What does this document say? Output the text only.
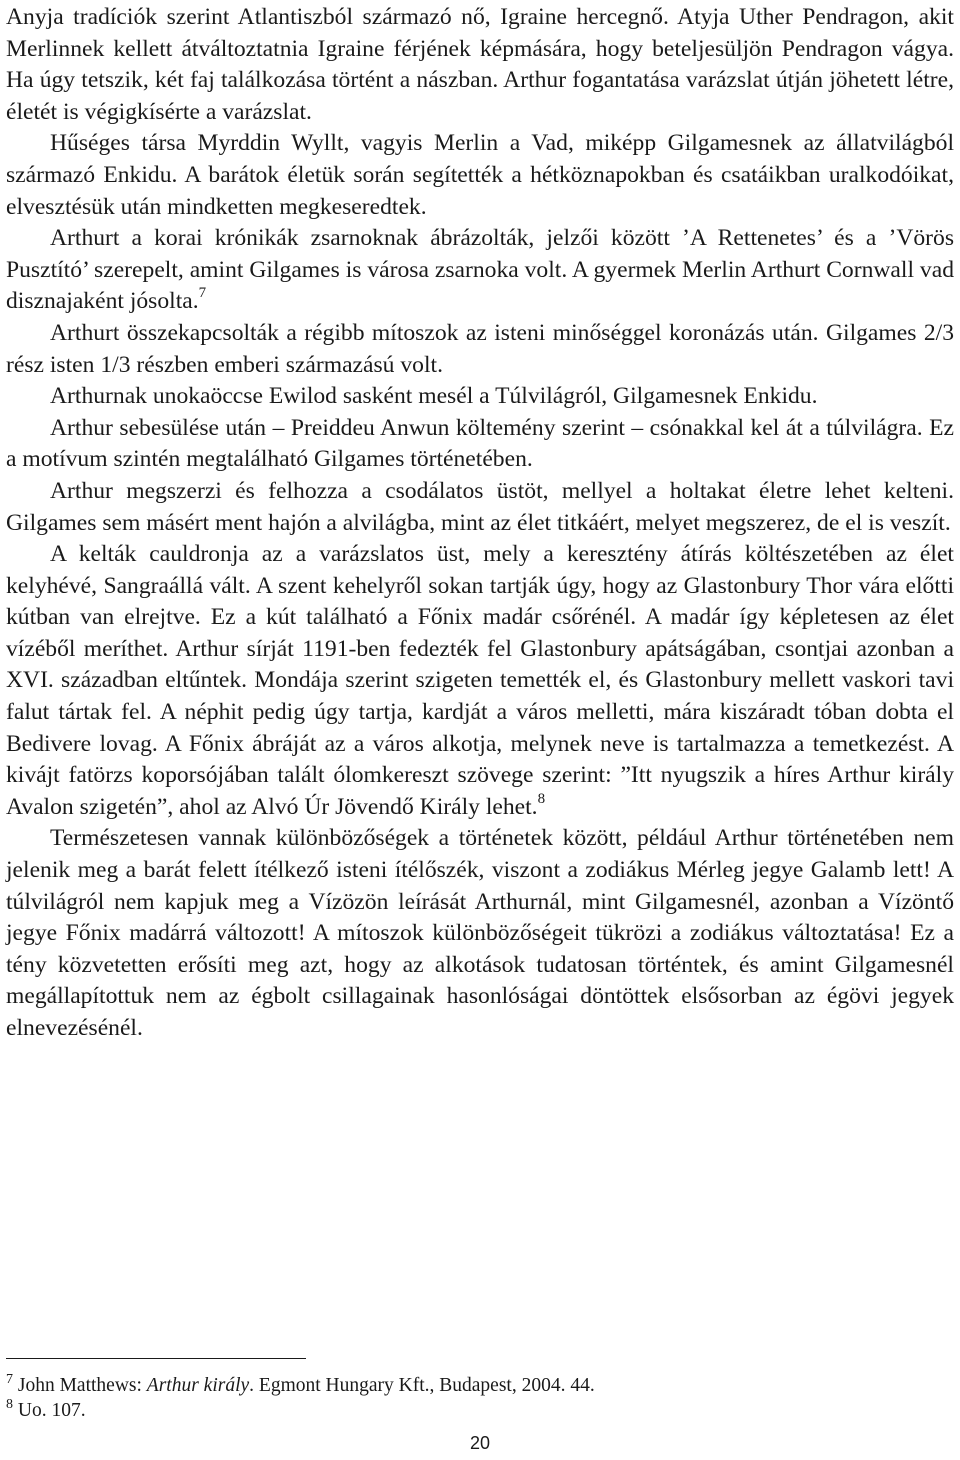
Anyja tradíciók szerint Atlantiszból származó nő, Igraine hercegnő. Atyja Uther Pendragon, akit Merlinnek kellett átváltoztatnia Igraine férjének képmására, hogy beteljesüljön Pendragon vágya. Ha úgy tetszik, két faj találkozása történt a nászban. Arthur fogantatása varázslat útján jöhetett létre, életét is végigkísérte a varázslat.

Hűséges társa Myrddin Wyllt, vagyis Merlin a Vad, miképp Gilgamesnek az állatvilágból származó Enkidu. A barátok életük során segítették a hétköznapokban és csatáikban uralkodóikat, elvesztésük után mindketten megkeseredtek.

Arthurt a korai krónikák zsarnoknak ábrázolták, jelzői között ’A Rettenetes’ és a ’Vörös Pusztító’ szerepelt, amint Gilgames is városa zsarnoka volt. A gyermek Merlin Arthurt Cornwall vad disznajaként jósolta.$^7$

Arthurt összekapcsolták a régibb mítoszok az isteni minőséggel koronázás után. Gilgames 2/3 rész isten 1/3 részben emberi származású volt.

Arthurnak unokaöccse Ewilod sasként mesél a Túlvilágról, Gilgamesnek Enkidu.

Arthur sebesülése után – Preiddeu Anwun költemény szerint – csónakkal kel át a túlvilágra. Ez a motívum szintén megtalálható Gilgames történetében.

Arthur megszerzi és felhozza a csodálatos üstöt, mellyel a holtakat életre lehet kelteni. Gilgames sem másért ment hajón a alvilágba, mint az élet titkáért, melyet megszerez, de el is veszít.

A kelták cauldronja az a varázslatos üst, mely a keresztény átírás költészetében az élet kelyhévé, Sangraállá vált. A szent kehelyről sokan tartják úgy, hogy az Glastonbury Thor vára előtti kútban van elrejtve. Ez a kút található a Főnix madár csőrénél. A madár így képletesen az élet vízéből meríthet. Arthur sírját 1191-ben fedezték fel Glastonbury apátságában, csontjai azonban a XVI. században eltűntek. Mondája szerint szigeten temették el, és Glastonbury mellett vaskori tavi falut tártak fel. A néphit pedig úgy tartja, kardját a város melletti, mára kiszáradt tóban dobta el Bedivere lovag. A Főnix ábráját az a város alkotja, melynek neve is tartalmazza a temetkezést. A kivájt fatörzs koporsójában talált ólomkereszt szövege szerint: ”Itt nyugszik a híres Arthur király Avalon szigetén”, ahol az Alvó Úr Jövendő Király lehet.$^8$

Természetesen vannak különbözőségek a történetek között, például Arthur történetében nem jelenik meg a barát felett ítélkező isteni ítélőszék, viszont a zodiákus Mérleg jegye Galamb lett! A túlvilágról nem kapjuk meg a Vízözön leírását Arthurnál, mint Gilgamesnél, azonban a Vízöntő jegye Főnix madárrá változott! A mítoszok különbözőségeit tükrözi a zodiákus változtatása! Ez a tény közvetetten erősíti meg azt, hogy az alkotások tudatosan történtek, és amint Gilgamesnél megállapítottuk nem az égbolt csillagainak hasonlóságai döntöttek elsősorban az égövi jegyek elnevezésénél.

$^7$ John Matthews: Arthur király. Egmont Hungary Kft., Budapest, 2004. 44.

$^8$ Uo. 107.

20
